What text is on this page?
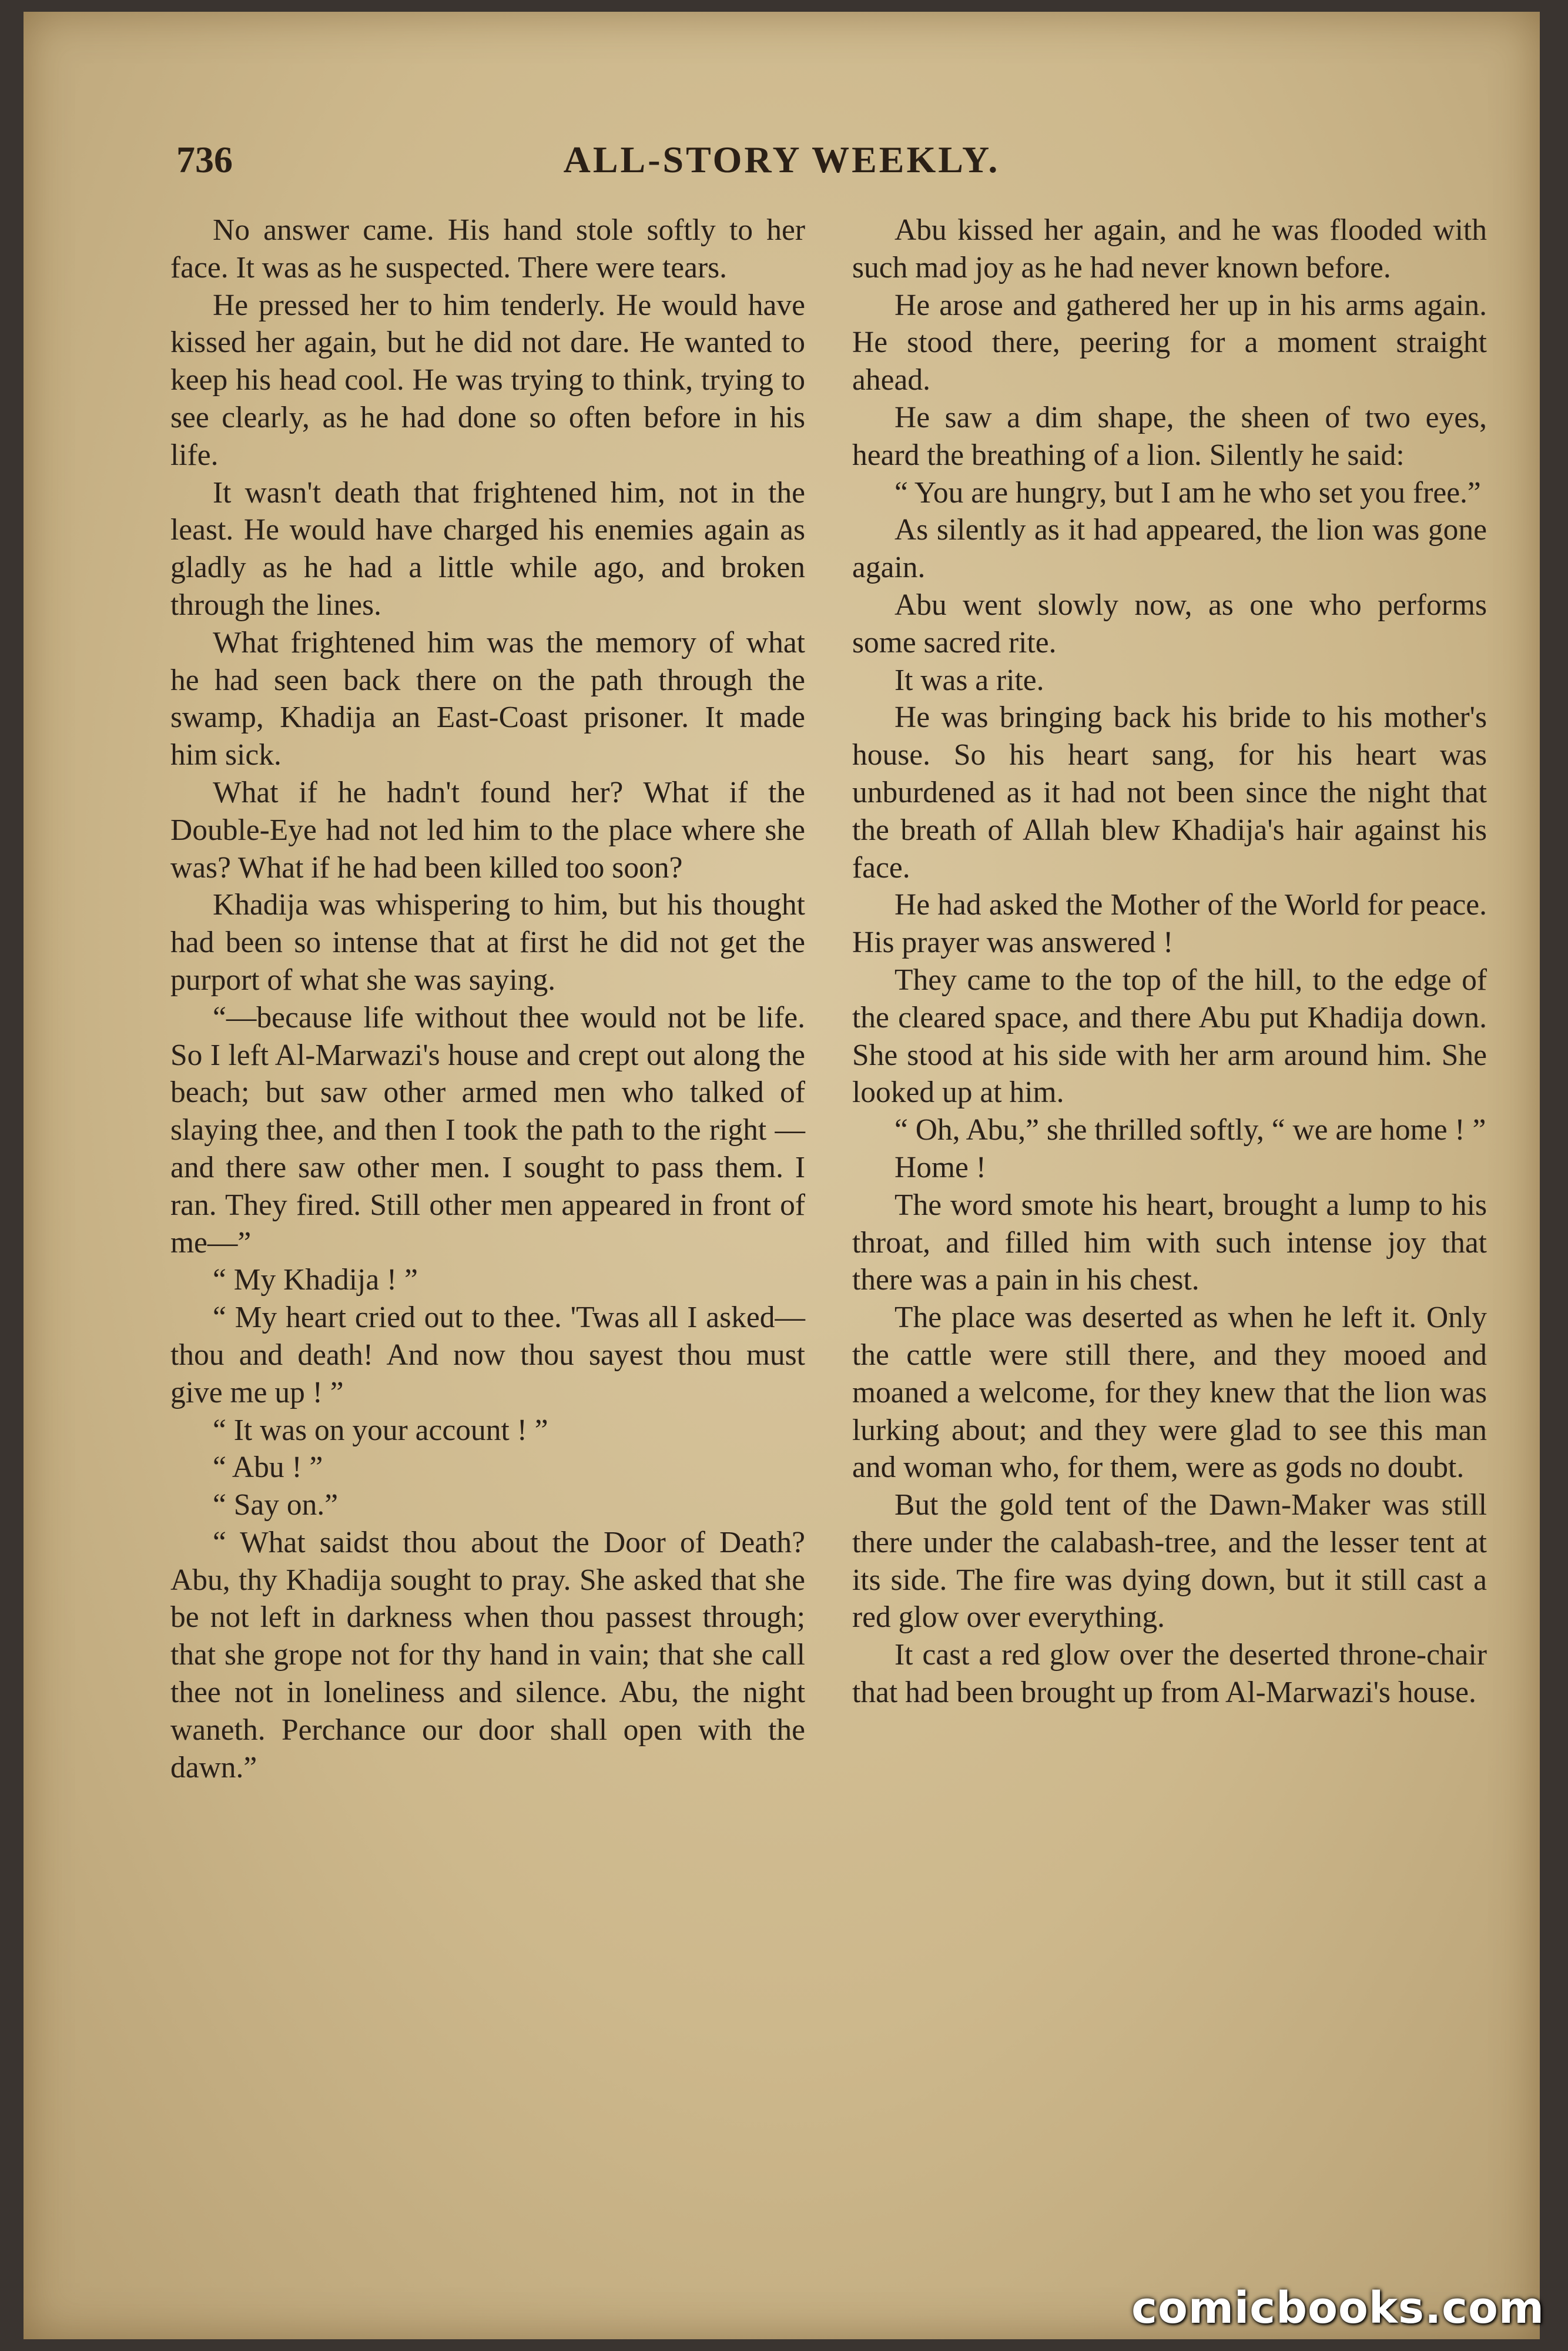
736	ALL-STORY WEEKLY.

No answer came. His hand stole softly to her face. It was as he suspected. There were tears.

He pressed her to him tenderly. He would have kissed her again, but he did not dare. He wanted to keep his head cool. He was trying to think, trying to see clearly, as he had done so often before in his life.

It wasn't death that frightened him, not in the least. He would have charged his enemies again as gladly as he had a little while ago, and broken through the lines.

What frightened him was the memory of what he had seen back there on the path through the swamp, Khadija an East-Coast prisoner. It made him sick.

What if he hadn't found her? What if the Double-Eye had not led him to the place where she was? What if he had been killed too soon?

Khadija was whispering to him, but his thought had been so intense that at first he did not get the purport of what she was saying.

“—because life without thee would not be life. So I left Al-Marwazi's house and crept out along the beach; but saw other armed men who talked of slaying thee, and then I took the path to the right — and there saw other men. I sought to pass them. I ran. They fired. Still other men appeared in front of me—”

“ My Khadija ! ”

“ My heart cried out to thee. 'Twas all I asked—thou and death! And now thou sayest thou must give me up ! ”

“ It was on your account ! ”

“ Abu ! ”

“ Say on.”

“ What saidst thou about the Door of Death? Abu, thy Khadija sought to pray. She asked that she be not left in darkness when thou passest through; that she grope not for thy hand in vain; that she call thee not in loneliness and silence. Abu, the night waneth. Perchance our door shall open with the dawn.”

Abu kissed her again, and he was flooded with such mad joy as he had never known before.

He arose and gathered her up in his arms again. He stood there, peering for a moment straight ahead.

He saw a dim shape, the sheen of two eyes, heard the breathing of a lion. Silently he said:

“ You are hungry, but I am he who set you free.”

As silently as it had appeared, the lion was gone again.

Abu went slowly now, as one who performs some sacred rite.

It was a rite.

He was bringing back his bride to his mother's house. So his heart sang, for his heart was unburdened as it had not been since the night that the breath of Allah blew Khadija's hair against his face.

He had asked the Mother of the World for peace. His prayer was answered !

They came to the top of the hill, to the edge of the cleared space, and there Abu put Khadija down. She stood at his side with her arm around him. She looked up at him.

“ Oh, Abu,” she thrilled softly, “ we are home ! ”

Home !

The word smote his heart, brought a lump to his throat, and filled him with such intense joy that there was a pain in his chest.

The place was deserted as when he left it. Only the cattle were still there, and they mooed and moaned a welcome, for they knew that the lion was lurking about; and they were glad to see this man and woman who, for them, were as gods no doubt.

But the gold tent of the Dawn-Maker was still there under the calabash-tree, and the lesser tent at its side. The fire was dying down, but it still cast a red glow over everything.

It cast a red glow over the deserted throne-chair that had been brought up from Al-Marwazi's house.

comicbooks.com
